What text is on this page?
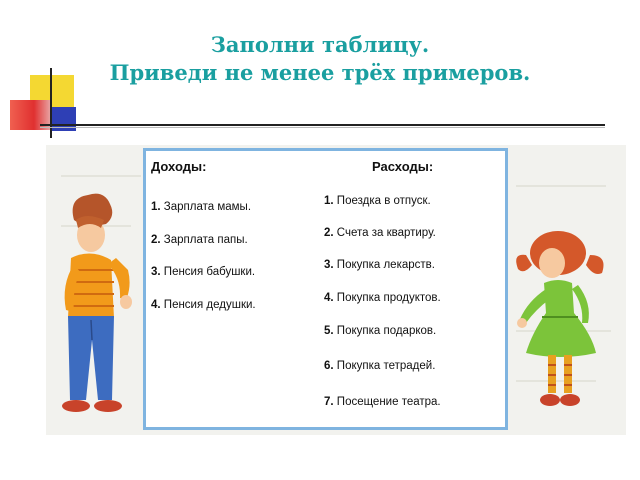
Заполни таблицу.
Приведи не менее трёх примеров.

Доходы:

1. Зарплата мамы.
2. Зарплата папы.
3. Пенсия бабушки.
4. Пенсия дедушки.

Расходы:

1. Поездка в отпуск.
2. Счета за квартиру.
3. Покупка лекарств.
4. Покупка продуктов.
5. Покупка подарков.
6. Покупка тетрадей.
7. Посещение театра.
